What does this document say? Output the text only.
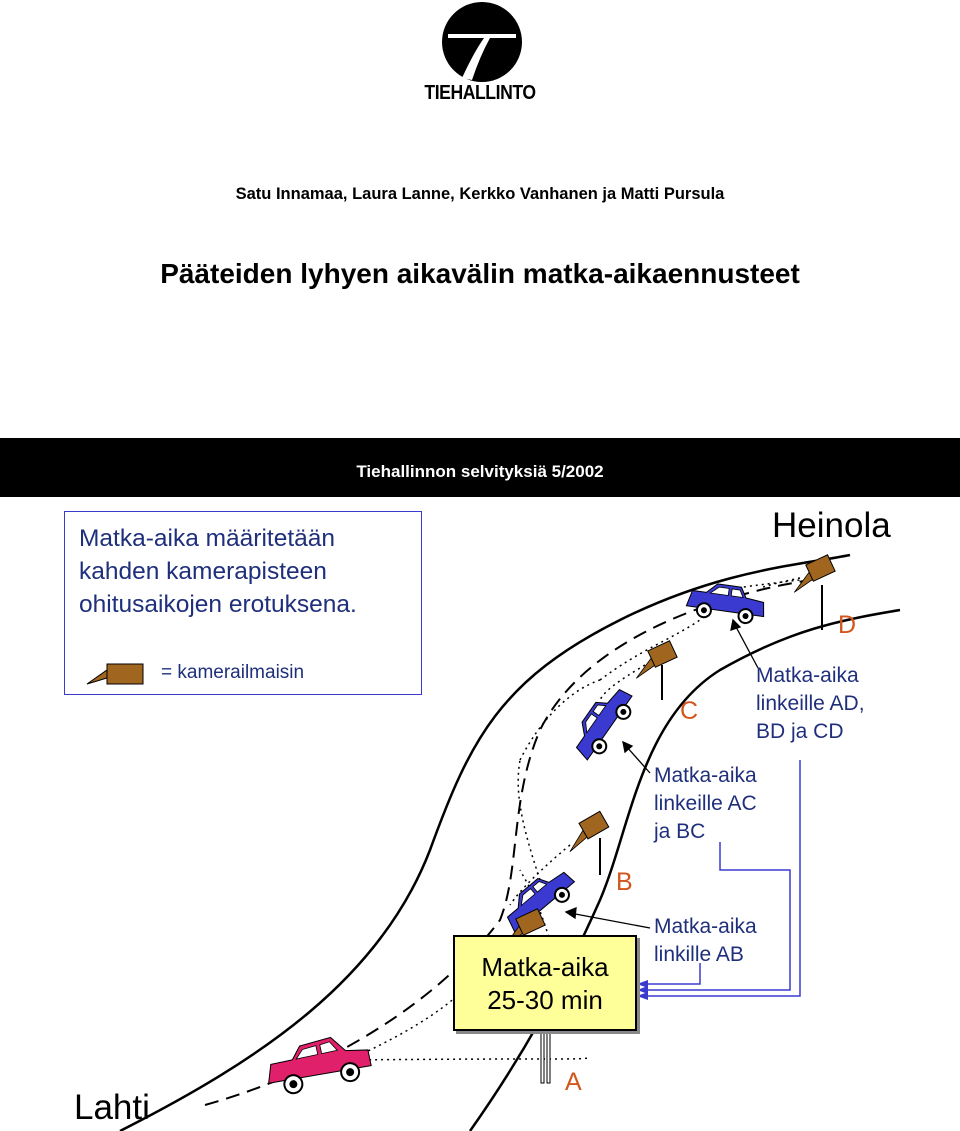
TIEHALLINTO
Satu Innamaa, Laura Lanne, Kerkko Vanhanen ja Matti Pursula
Pääteiden lyhyen aikavälin matka-aikaennusteet
Tiehallinnon selvityksiä 5/2002
Matka-aika määritetään kahden kamerapisteen ohitusaikojen erotuksena.
= kamerailmaisin
Lahti
Heinola
A
B
C
D
Matka-aika
25-30 min
Matka-aika
linkille AB
Matka-aika
linkeille AC
ja BC
Matka-aika
linkeille AD,
BD ja CD
